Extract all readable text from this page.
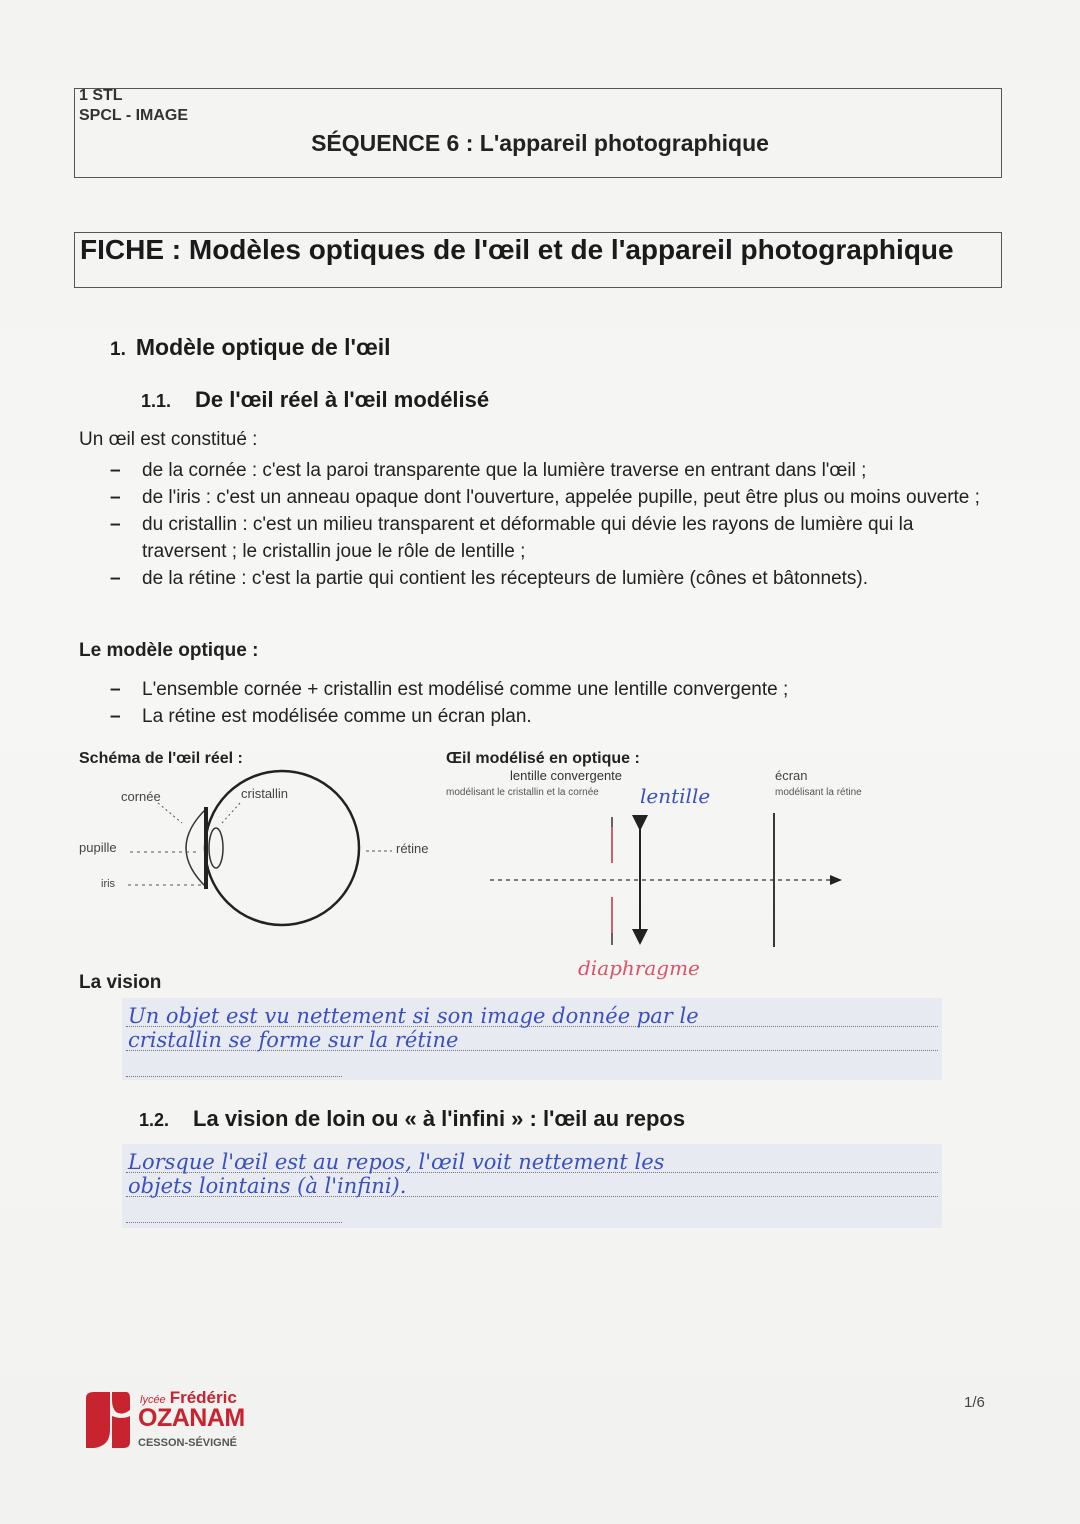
1 STL
SPCL - IMAGE
SÉQUENCE 6 : L'appareil photographique
FICHE : Modèles optiques de l'œil et de l'appareil photographique
1. Modèle optique de l'œil
1.1. De l'œil réel à l'œil modélisé
Un œil est constitué :
– de la cornée : c'est la paroi transparente que la lumière traverse en entrant dans l'œil ;
– de l'iris : c'est un anneau opaque dont l'ouverture, appelée pupille, peut être plus ou moins ouverte ;
– du cristallin : c'est un milieu transparent et déformable qui dévie les rayons de lumière qui la traversent ; le cristallin joue le rôle de lentille ;
– de la rétine : c'est la partie qui contient les récepteurs de lumière (cônes et bâtonnets).
Le modèle optique :
– L'ensemble cornée + cristallin est modélisé comme une lentille convergente ;
– La rétine est modélisée comme un écran plan.
Schéma de l'œil réel :
cornée	cristallin
pupille
iris
rétine
Œil modélisé en optique :
lentille convergente
modélisant le cristallin et la cornée lentille
écran
modélisant la rétine
diaphragme
La vision
Un objet est vu nettement si son image donnée par le
cristallin se forme sur la rétine
1.2. La vision de loin ou « à l'infini » : l'œil au repos
Lorsque l'œil est au repos, l'œil voit nettement les
objets lointains (à l'infini).
lycée Frédéric
OZANAM
CESSON-SÉVIGNÉ
1/6
